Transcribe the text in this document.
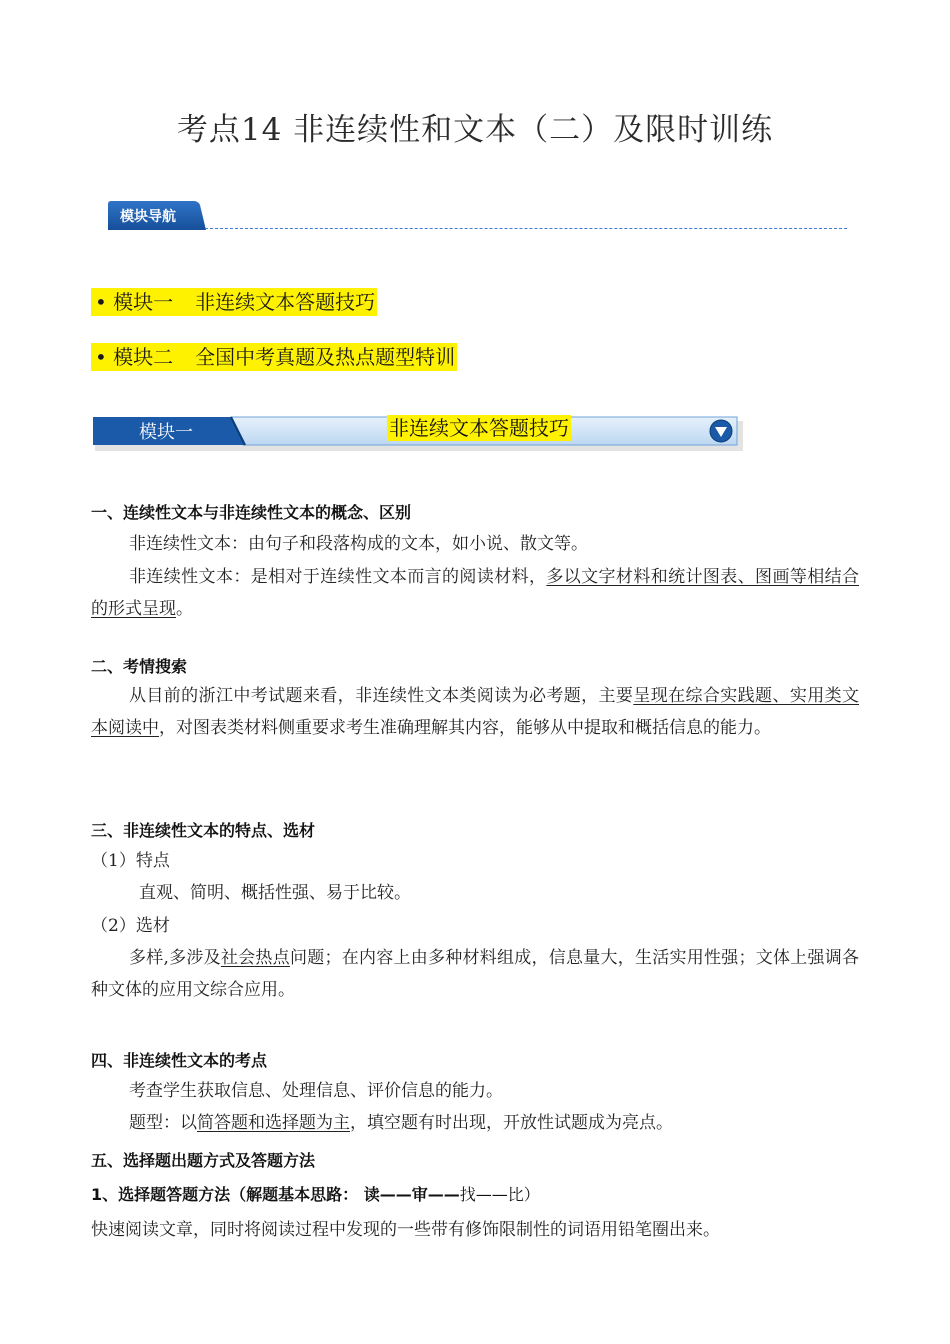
考点14 非连续性和文本（二）及限时训练
模块导航
• 模块一 非连续文本答题技巧
• 模块二 全国中考真题及热点题型特训
模块一	非连续文本答题技巧
一、连续性文本与非连续性文本的概念、区别
非连续性文本：由句子和段落构成的文本，如小说、散文等。
非连续性文本：是相对于连续性文本而言的阅读材料，多以文字材料和统计图表、图画等相结合的形式呈现。
二、考情搜索
从目前的浙江中考试题来看，非连续性文本类阅读为必考题，主要呈现在综合实践题、实用类文本阅读中，对图表类材料侧重要求考生准确理解其内容，能够从中提取和概括信息的能力。
三、非连续性文本的特点、选材
（1）特点
直观、简明、概括性强、易于比较。
（2）选材
多样,多涉及社会热点问题；在内容上由多种材料组成，信息量大，生活实用性强；文体上强调各种文体的应用文综合应用。
四、非连续性文本的考点
考查学生获取信息、处理信息、评价信息的能力。
题型：以简答题和选择题为主，填空题有时出现，开放性试题成为亮点。
五、选择题出题方式及答题方法
1、选择题答题方法（解题基本思路： 读——审——找——比）
快速阅读文章，同时将阅读过程中发现的一些带有修饰限制性的词语用铅笔圈出来。
